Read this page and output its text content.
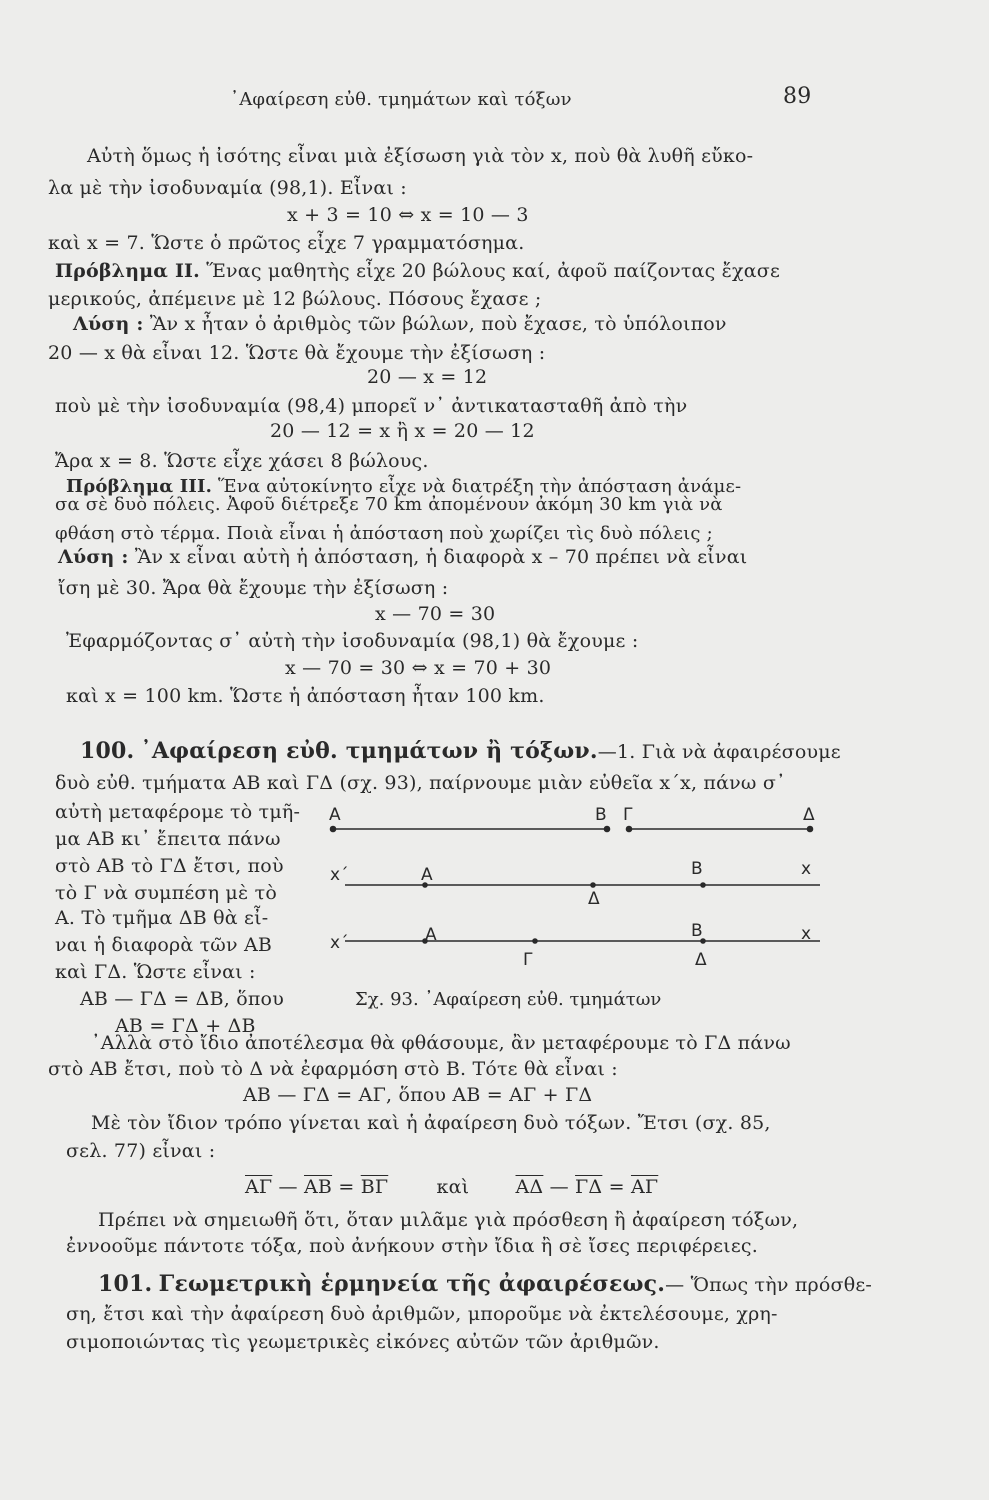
᾿Αφαίρεση εὐθ. τμημάτων καὶ τόξων	89
Αὐτὴ ὅμως ἡ ἰσότης εἶναι μιὰ ἐξίσωση γιὰ τὸν x, ποὺ θὰ λυθῆ εὔκο-
λα μὲ τὴν ἰσοδυναμία (98,1). Εἶναι :
x + 3 = 10 ⇔ x = 10 — 3
καὶ x = 7. Ὥστε ὁ πρῶτος εἶχε 7 γραμματόσημα.
Πρόβλημα ΙΙ. Ἕνας μαθητὴς εἶχε 20 βώλους καί, ἀφοῦ παίζοντας ἔχασε
μερικούς, ἀπέμεινε μὲ 12 βώλους. Πόσους ἔχασε ;
Λύση : Ἂν x ἦταν ὁ ἀριθμὸς τῶν βώλων, ποὺ ἔχασε, τὸ ὑπόλοιπον
20 — x θὰ εἶναι 12. Ὥστε θὰ ἔχουμε τὴν ἐξίσωση :
20 — x = 12
ποὺ μὲ τὴν ἰσοδυναμία (98,4) μπορεῖ ν᾿ ἀντικατασταθῆ ἀπὸ τὴν
20 — 12 = x ἢ x = 20 — 12
Ἄρα x = 8. Ὥστε εἶχε χάσει 8 βώλους.
Πρόβλημα ΙΙΙ. Ἕνα αὐτοκίνητο εἶχε νὰ διατρέξη τὴν ἀπόσταση ἀνάμε-
σα σὲ δυὸ πόλεις. Ἀφοῦ διέτρεξε 70 km ἀπομένουν ἀκόμη 30 km γιὰ νὰ
φθάση στὸ τέρμα. Ποιὰ εἶναι ἡ ἀπόσταση ποὺ χωρίζει τὶς δυὸ πόλεις ;
Λύση : Ἂν x εἶναι αὐτὴ ἡ ἀπόσταση, ἡ διαφορὰ x – 70 πρέπει νὰ εἶναι
ἴση μὲ 30. Ἄρα θὰ ἔχουμε τὴν ἐξίσωση :
x — 70 = 30
Ἐφαρμόζοντας σ᾿ αὐτὴ τὴν ἰσοδυναμία (98,1) θὰ ἔχουμε :
x — 70 = 30 ⇔ x = 70 + 30
καὶ x = 100 km. Ὥστε ἡ ἀπόσταση ἦταν 100 km.
100. ᾿Αφαίρεση εὐθ. τμημάτων ἢ τόξων.—1. Γιὰ νὰ ἀφαιρέσουμε
δυὸ εὐθ. τμήματα ΑΒ καὶ ΓΔ (σχ. 93), παίρνουμε μιὰν εὐθεῖα x΄x, πάνω σ᾿
αὐτὴ μεταφέρομε τὸ τμῆ-
μα ΑΒ κι᾿ ἔπειτα πάνω
στὸ ΑΒ τὸ ΓΔ ἔτσι, ποὺ
τὸ Γ νὰ συμπέση μὲ τὸ
Α. Τὸ τμῆμα ΔΒ θὰ εἶ-
ναι ἡ διαφορὰ τῶν ΑΒ
καὶ ΓΔ. Ὥστε εἶναι :
ΑΒ — ΓΔ = ΔΒ, ὅπου
ΑΒ = ΓΔ + ΔΒ
Α	Β Γ	Δ
x΄	Α	Β	x
Δ
x΄	Α	Β	x
Γ	Δ
Σχ. 93. ᾿Αφαίρεση εὐθ. τμημάτων
᾿Αλλὰ στὸ ἴδιο ἀποτέλεσμα θὰ φθάσουμε, ἂν μεταφέρουμε τὸ ΓΔ πάνω
στὸ ΑΒ ἔτσι, ποὺ τὸ Δ νὰ ἐφαρμόση στὸ Β. Τότε θὰ εἶναι :
ΑΒ — ΓΔ = ΑΓ, ὅπου ΑΒ = ΑΓ + ΓΔ
Μὲ τὸν ἴδιον τρόπο γίνεται καὶ ἡ ἀφαίρεση δυὸ τόξων. Ἔτσι (σχ. 85,
σελ. 77) εἶναι :
$\overline{A\Gamma}$ — $\overline{AB} = \overline{B\Gamma}$	καὶ $\overline{A\Delta}$ — $\overline{\Gamma\Delta} = \overline{A\Gamma}$
Πρέπει νὰ σημειωθῆ ὅτι, ὅταν μιλᾶμε γιὰ πρόσθεση ἢ ἀφαίρεση τόξων,
ἐννοοῦμε πάντοτε τόξα, ποὺ ἀνήκουν στὴν ἴδια ἢ σὲ ἴσες περιφέρειες.
101. Γεωμετρικὴ ἑρμηνεία τῆς ἀφαιρέσεως.— Ὅπως τὴν πρόσθε-
ση, ἔτσι καὶ τὴν ἀφαίρεση δυὸ ἀριθμῶν, μποροῦμε νὰ ἐκτελέσουμε, χρη-
σιμοποιώντας τὶς γεωμετρικὲς εἰκόνες αὐτῶν τῶν ἀριθμῶν.
